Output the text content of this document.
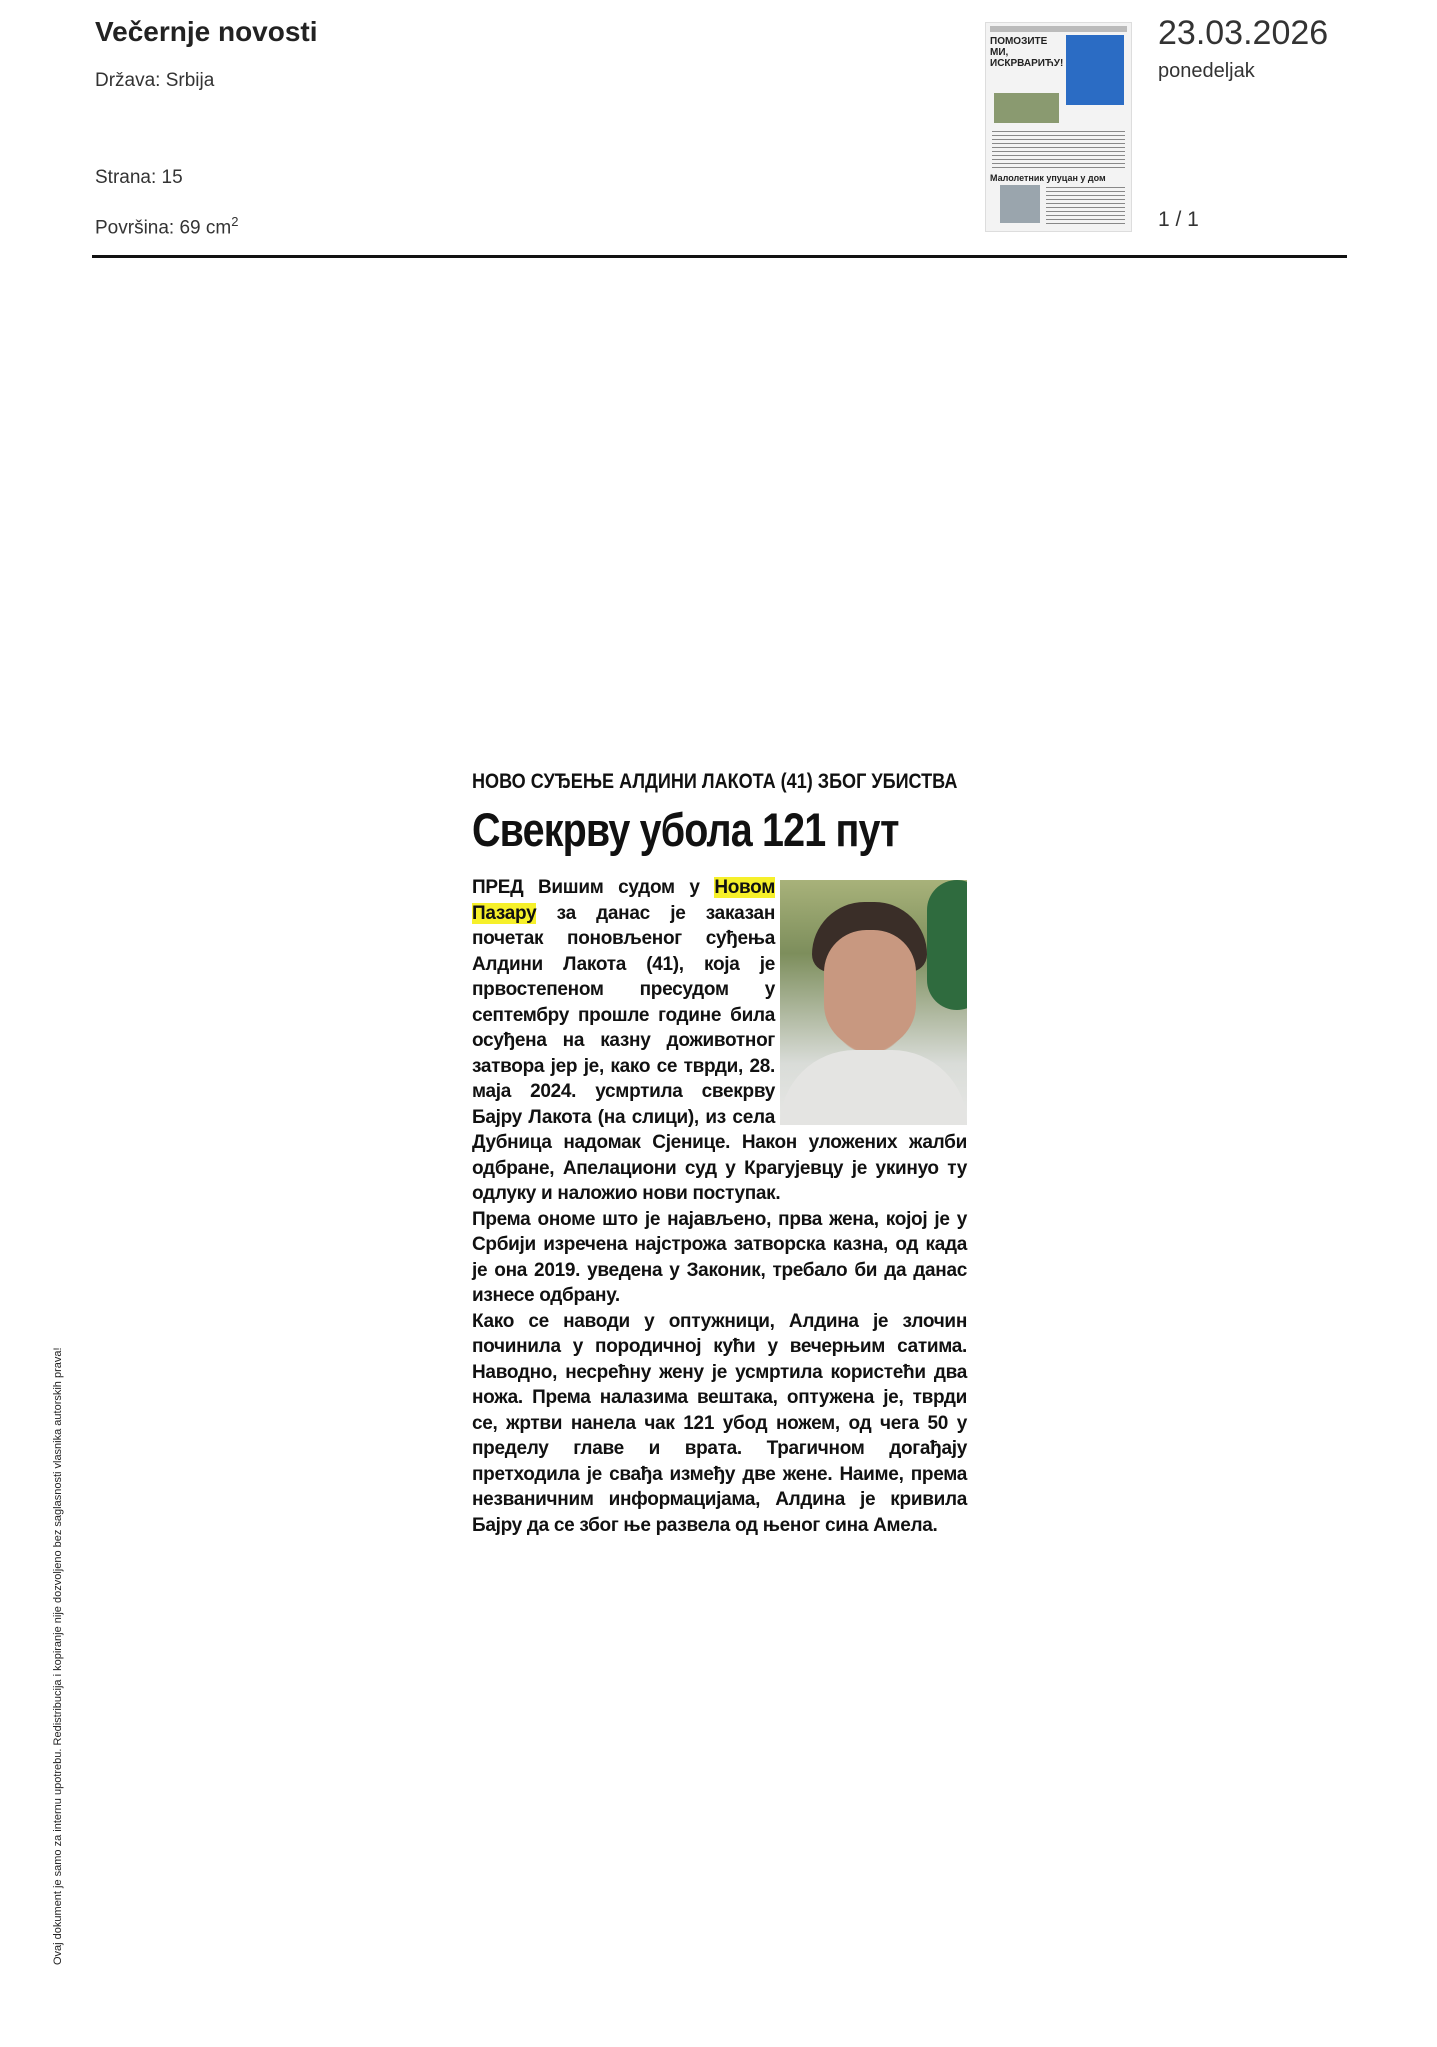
Večernje novosti
Država: Srbija
Strana: 15
Površina: 69 $cm^2$
ПОМОЗИТЕ МИ, ИСКРВАРИЋУ!
Малолетник упуцан у дом
23.03.2026
ponedeljak
1 / 1
НОВО СУЂЕЊЕ АЛДИНИ ЛАКОТА (41) ЗБОГ УБИСТВА
Свекрву убола 121 пут
ПРЕД Вишим судом у Новом Пазару за данас је заказан почетак поновљеног суђења Алдини Лакота (41), која је првостепеном пресудом у септембру прошле године била осуђена на казну доживотног затвора јер је, како се тврди, 28. маја 2024. усмртила свекрву Бајру Лакота (на слици), из села Дубница надомак Сјенице. Након уложених жалби одбране, Апелациони суд у Крагујевцу је укинуо ту одлуку и наложио нови поступак.
Према ономе што је најављено, прва жена, којој је у Србији изречена најстрожа затворска казна, од када је она 2019. уведена у Законик, требало би да данас изнесе одбрану.
Како се наводи у оптужници, Алдина је злочин починила у породичној кући у вечерњим сатима. Наводно, несрећну жену је усмртила користећи два ножа. Према налазима вештака, оптужена је, тврди се, жртви нанела чак 121 убод ножем, од чега 50 у пределу главе и врата. Трагичном догађају претходила је свађа између две жене. Наиме, према незваничним информацијама, Алдина је кривила Бајру да се због ње развела од њеног сина Амела.
Ovaj dokument je samo za internu upotrebu. Redistribucija i kopiranje nije dozvoljeno bez saglasnosti vlasnika autorskih prava!
